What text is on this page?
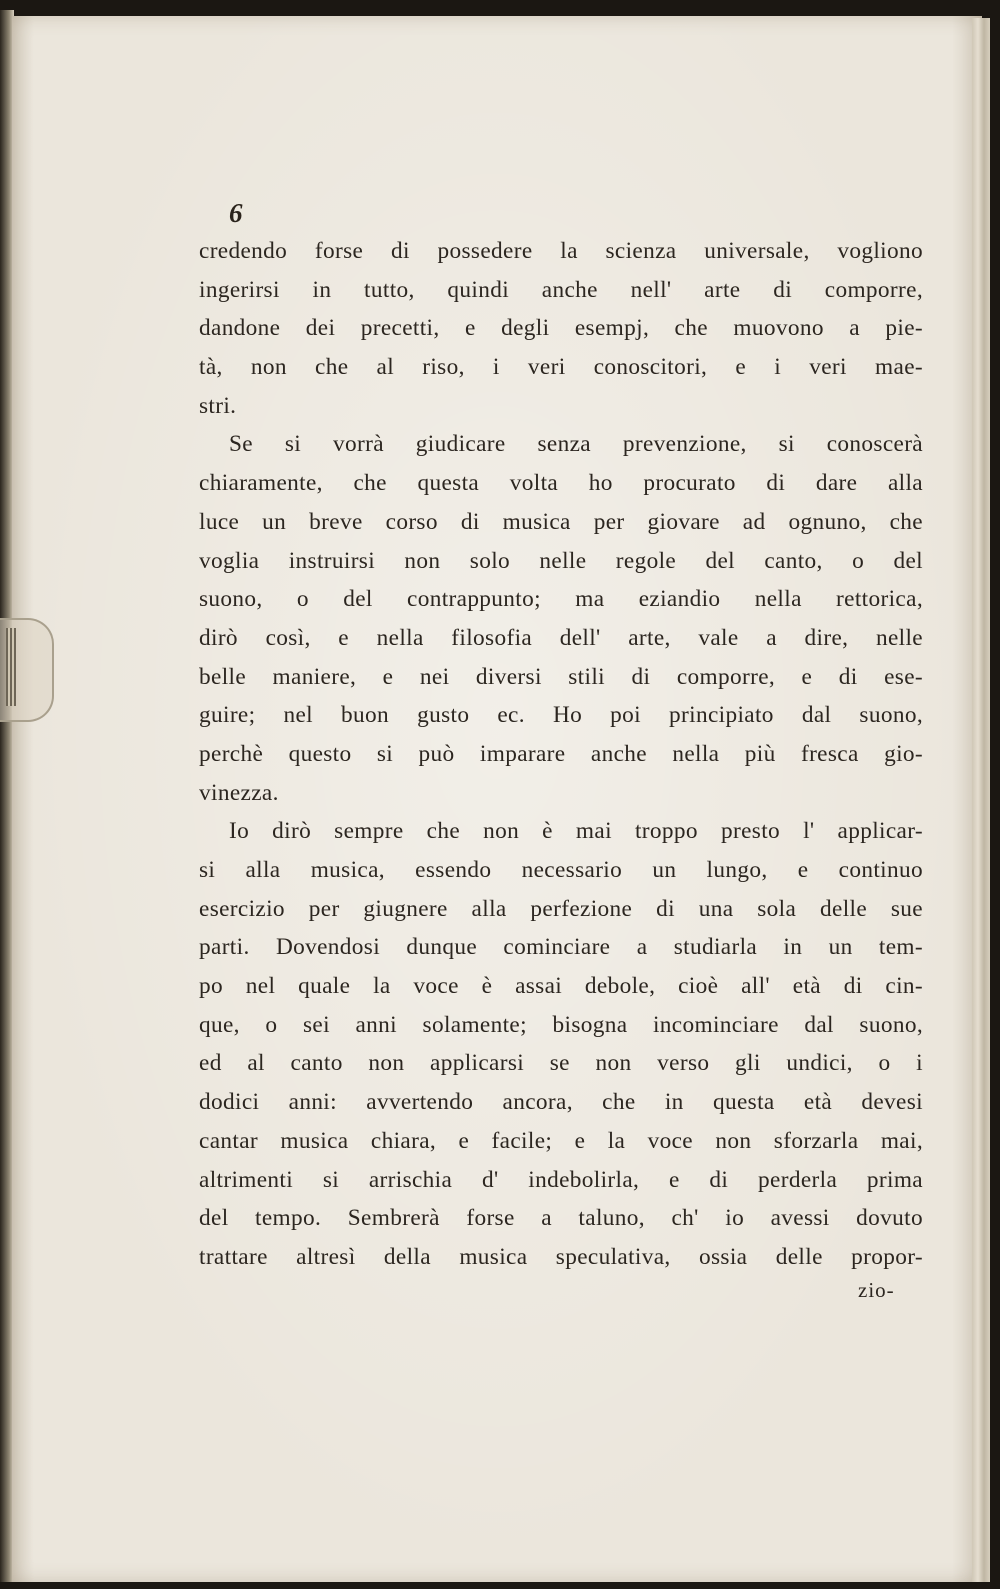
6
credendo forse di possedere la scienza universale, vogliono
ingerirsi in tutto, quindi anche nell' arte di comporre,
dandone dei precetti, e degli esempj, che muovono a pie-
tà, non che al riso, i veri conoscitori, e i veri mae-
stri.
Se si vorrà giudicare senza prevenzione, si conoscerà
chiaramente, che questa volta ho procurato di dare alla
luce un breve corso di musica per giovare ad ognuno, che
voglia instruirsi non solo nelle regole del canto, o del
suono, o del contrappunto; ma eziandio nella rettorica,
dirò così, e nella filosofia dell' arte, vale a dire, nelle
belle maniere, e nei diversi stili di comporre, e di ese-
guire; nel buon gusto ec. Ho poi principiato dal suono,
perchè questo si può imparare anche nella più fresca gio-
vinezza.
Io dirò sempre che non è mai troppo presto l' applicar-
si alla musica, essendo necessario un lungo, e continuo
esercizio per giugnere alla perfezione di una sola delle sue
parti. Dovendosi dunque cominciare a studiarla in un tem-
po nel quale la voce è assai debole, cioè all' età di cin-
que, o sei anni solamente; bisogna incominciare dal suono,
ed al canto non applicarsi se non verso gli undici, o i
dodici anni: avvertendo ancora, che in questa età devesi
cantar musica chiara, e facile; e la voce non sforzarla mai,
altrimenti si arrischia d' indebolirla, e di perderla prima
del tempo. Sembrerà forse a taluno, ch' io avessi dovuto
trattare altresì della musica speculativa, ossia delle propor-
zio-
